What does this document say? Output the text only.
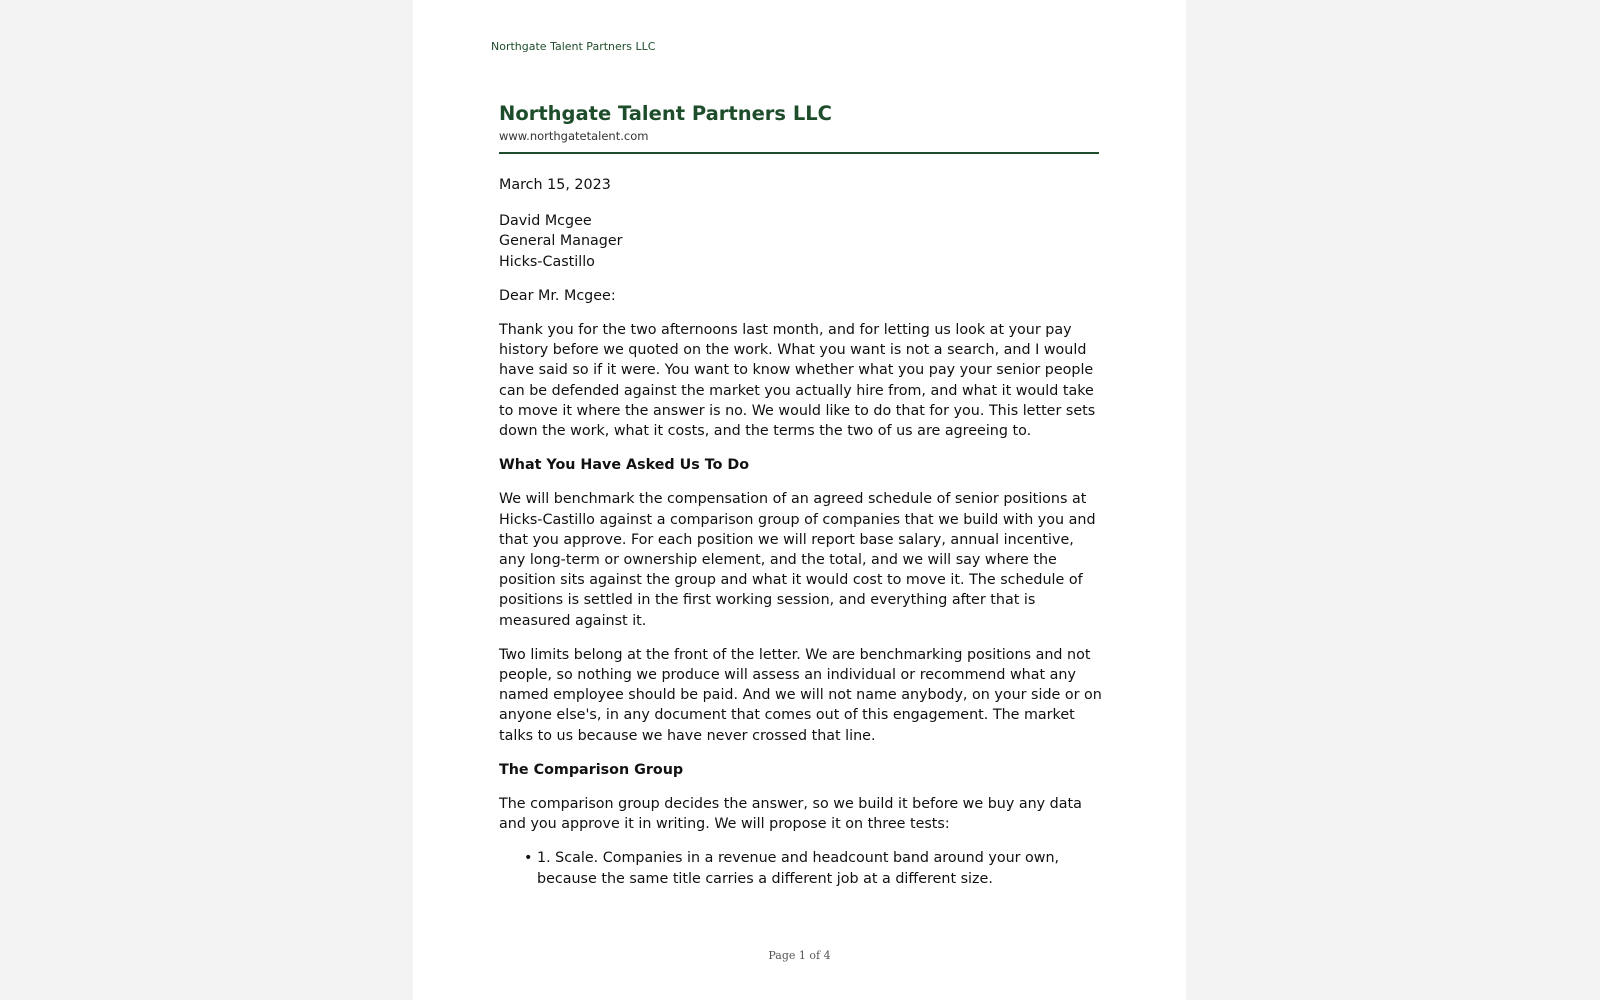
Northgate Talent Partners LLC
Northgate Talent Partners LLC
www.northgatetalent.com

March 15, 2023

David Mcgee
General Manager
Hicks-Castillo

Dear Mr. Mcgee:

Thank you for the two afternoons last month, and for letting us look at your pay history before we quoted on the work. What you want is not a search, and I would have said so if it were. You want to know whether what you pay your senior people can be defended against the market you actually hire from, and what it would take to move it where the answer is no. We would like to do that for you. This letter sets down the work, what it costs, and the terms the two of us are agreeing to.

What You Have Asked Us To Do

We will benchmark the compensation of an agreed schedule of senior positions at Hicks-Castillo against a comparison group of companies that we build with you and that you approve. For each position we will report base salary, annual incentive, any long-term or ownership element, and the total, and we will say where the position sits against the group and what it would cost to move it. The schedule of positions is settled in the first working session, and everything after that is measured against it.

Two limits belong at the front of the letter. We are benchmarking positions and not people, so nothing we produce will assess an individual or recommend what any named employee should be paid. And we will not name anybody, on your side or on anyone else's, in any document that comes out of this engagement. The market talks to us because we have never crossed that line.

The Comparison Group

The comparison group decides the answer, so we build it before we buy any data and you approve it in writing. We will propose it on three tests:

• 1. Scale. Companies in a revenue and headcount band around your own, because the same title carries a different job at a different size.
Page 1 of 4
